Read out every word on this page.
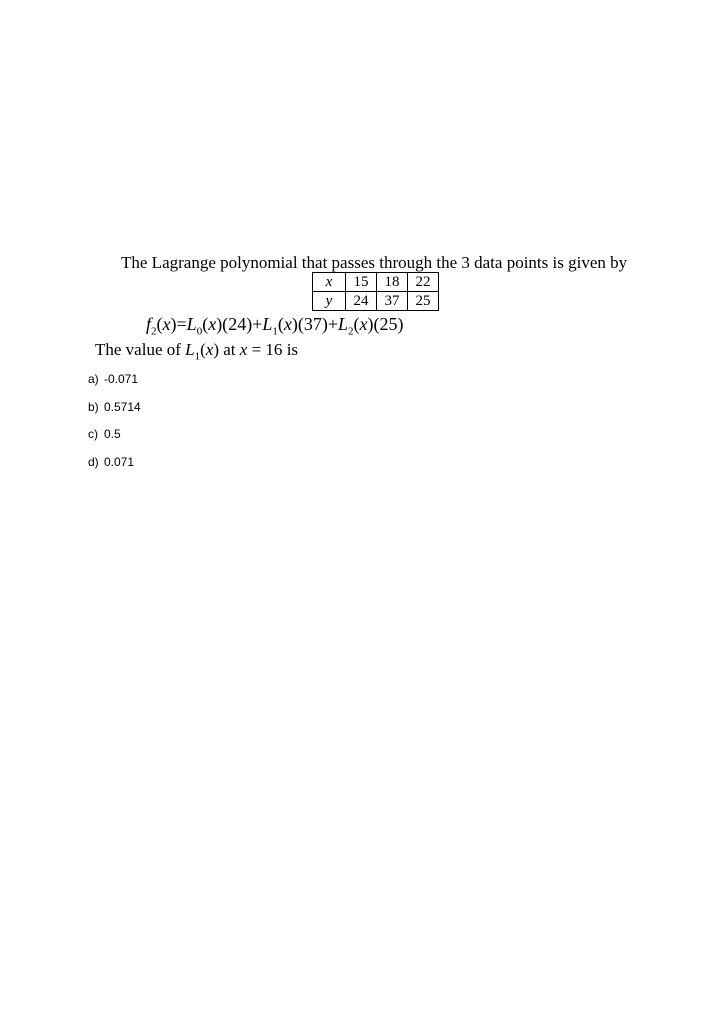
The Lagrange polynomial that passes through the 3 data points is given by
x	15	18	22
y	24	37	25
$f_2(x)=L_0(x)(24)+L_1(x)(37)+L_2(x)(25)$
The value of $L_1(x)$ at x = 16 is
a) -0.071
b) 0.5714
c) 0.5
d) 0.071
